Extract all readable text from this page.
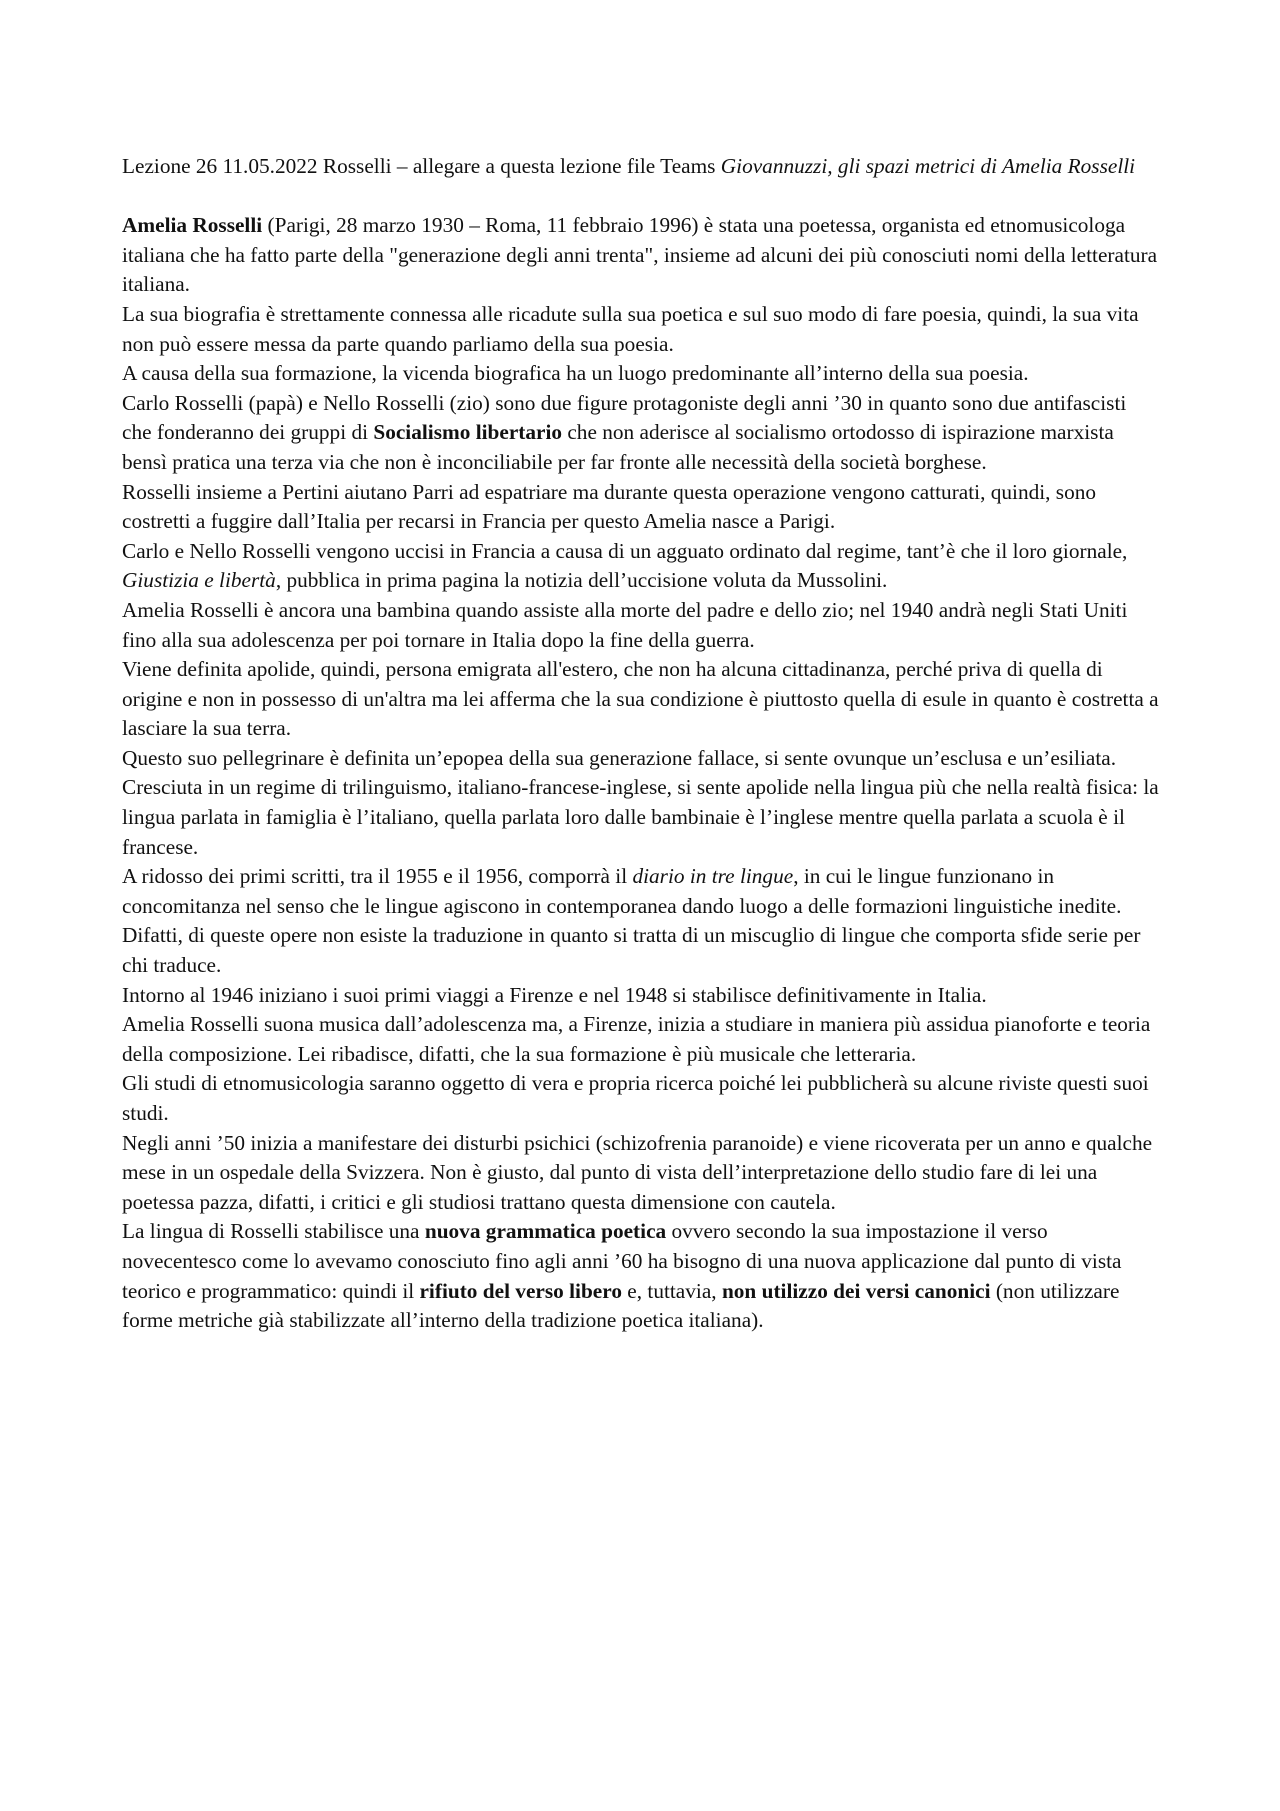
Lezione 26 11.05.2022 Rosselli – allegare a questa lezione file Teams Giovannuzzi, gli spazi metrici di Amelia Rosselli

Amelia Rosselli (Parigi, 28 marzo 1930 – Roma, 11 febbraio 1996) è stata una poetessa, organista ed etnomusicologa italiana che ha fatto parte della "generazione degli anni trenta", insieme ad alcuni dei più conosciuti nomi della letteratura italiana.

La sua biografia è strettamente connessa alle ricadute sulla sua poetica e sul suo modo di fare poesia, quindi, la sua vita non può essere messa da parte quando parliamo della sua poesia.

A causa della sua formazione, la vicenda biografica ha un luogo predominante all’interno della sua poesia.

Carlo Rosselli (papà) e Nello Rosselli (zio) sono due figure protagoniste degli anni ’30 in quanto sono due antifascisti che fonderanno dei gruppi di Socialismo libertario che non aderisce al socialismo ortodosso di ispirazione marxista bensì pratica una terza via che non è inconciliabile per far fronte alle necessità della società borghese.

Rosselli insieme a Pertini aiutano Parri ad espatriare ma durante questa operazione vengono catturati, quindi, sono costretti a fuggire dall’Italia per recarsi in Francia per questo Amelia nasce a Parigi.

Carlo e Nello Rosselli vengono uccisi in Francia a causa di un agguato ordinato dal regime, tant’è che il loro giornale, Giustizia e libertà, pubblica in prima pagina la notizia dell’uccisione voluta da Mussolini.

Amelia Rosselli è ancora una bambina quando assiste alla morte del padre e dello zio; nel 1940 andrà negli Stati Uniti fino alla sua adolescenza per poi tornare in Italia dopo la fine della guerra.

Viene definita apolide, quindi, persona emigrata all'estero, che non ha alcuna cittadinanza, perché priva di quella di origine e non in possesso di un'altra ma lei afferma che la sua condizione è piuttosto quella di esule in quanto è costretta a lasciare la sua terra.

Questo suo pellegrinare è definita un’epopea della sua generazione fallace, si sente ovunque un’esclusa e un’esiliata.

Cresciuta in un regime di trilinguismo, italiano-francese-inglese, si sente apolide nella lingua più che nella realtà fisica: la lingua parlata in famiglia è l’italiano, quella parlata loro dalle bambinaie è l’inglese mentre quella parlata a scuola è il francese.

A ridosso dei primi scritti, tra il 1955 e il 1956, comporrà il diario in tre lingue, in cui le lingue funzionano in concomitanza nel senso che le lingue agiscono in contemporanea dando luogo a delle formazioni linguistiche inedite.

Difatti, di queste opere non esiste la traduzione in quanto si tratta di un miscuglio di lingue che comporta sfide serie per chi traduce.

Intorno al 1946 iniziano i suoi primi viaggi a Firenze e nel 1948 si stabilisce definitivamente in Italia.

Amelia Rosselli suona musica dall’adolescenza ma, a Firenze, inizia a studiare in maniera più assidua pianoforte e teoria della composizione. Lei ribadisce, difatti, che la sua formazione è più musicale che letteraria.

Gli studi di etnomusicologia saranno oggetto di vera e propria ricerca poiché lei pubblicherà su alcune riviste questi suoi studi.

Negli anni ’50 inizia a manifestare dei disturbi psichici (schizofrenia paranoide) e viene ricoverata per un anno e qualche mese in un ospedale della Svizzera. Non è giusto, dal punto di vista dell’interpretazione dello studio fare di lei una poetessa pazza, difatti, i critici e gli studiosi trattano questa dimensione con cautela.

La lingua di Rosselli stabilisce una nuova grammatica poetica ovvero secondo la sua impostazione il verso novecentesco come lo avevamo conosciuto fino agli anni ’60 ha bisogno di una nuova applicazione dal punto di vista teorico e programmatico: quindi il rifiuto del verso libero e, tuttavia, non utilizzo dei versi canonici (non utilizzare forme metriche già stabilizzate all’interno della tradizione poetica italiana).
